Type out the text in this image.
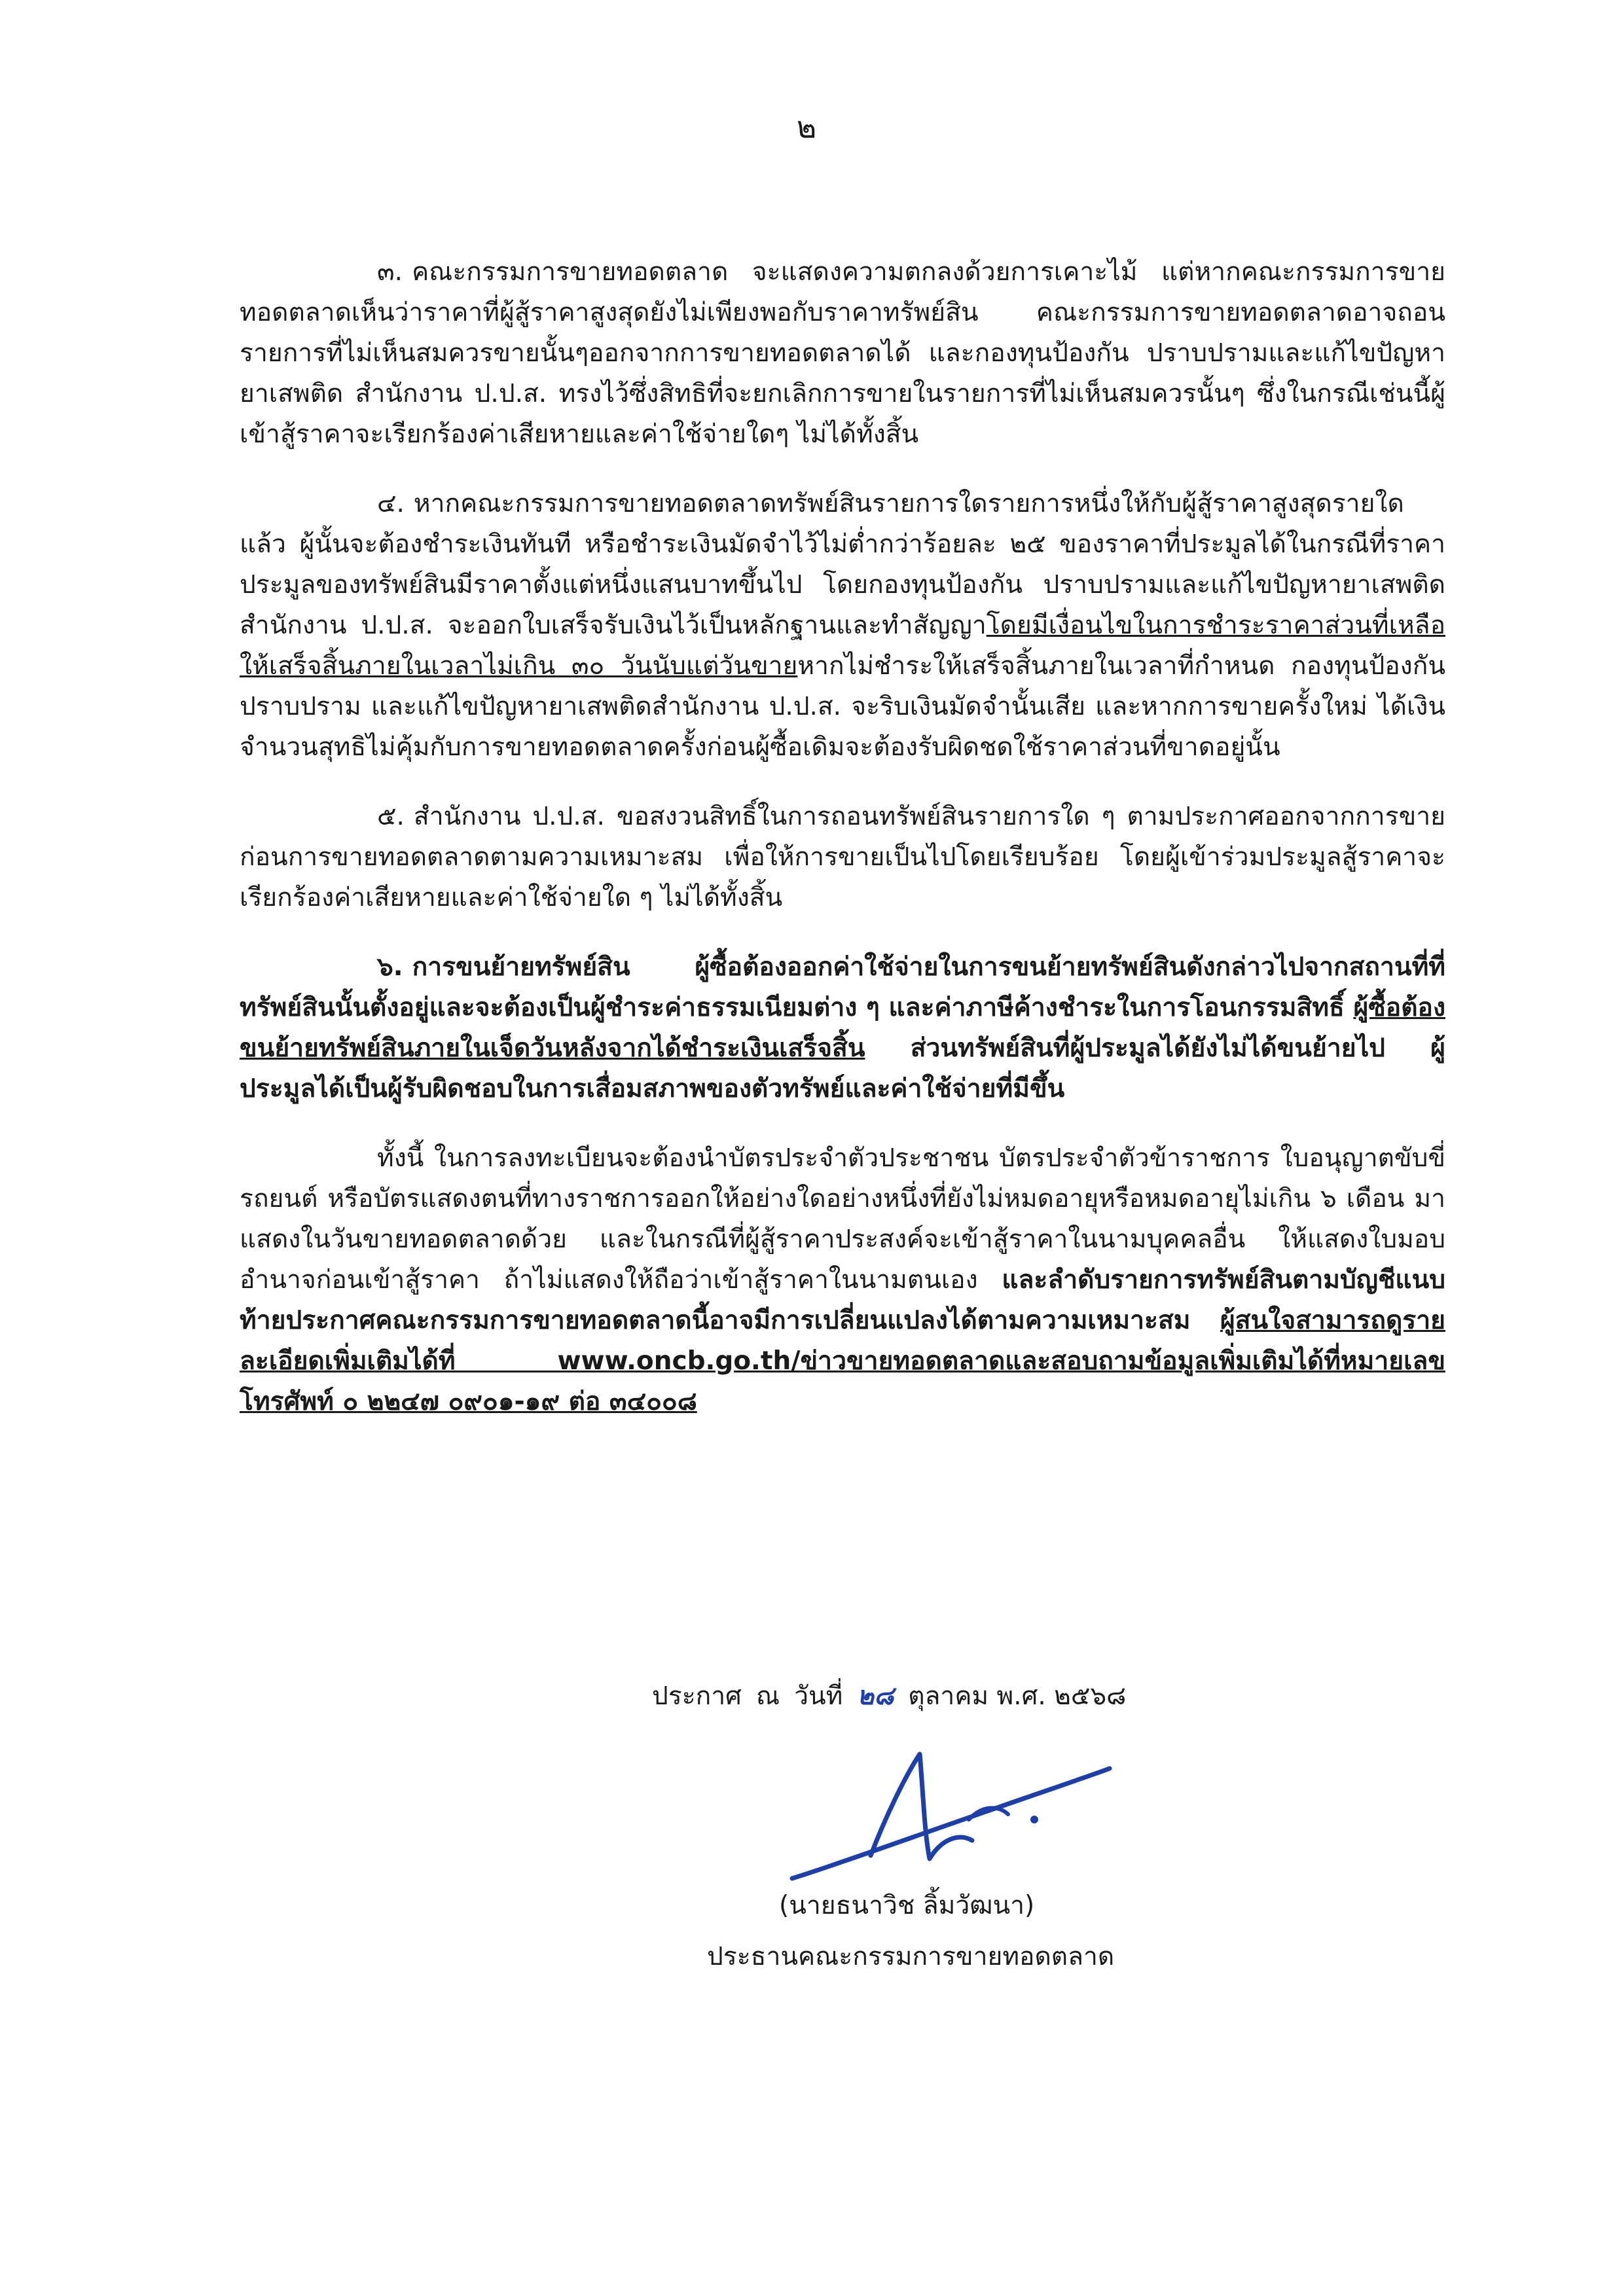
๒

๓. คณะกรรมการขายทอดตลาด จะแสดงความตกลงด้วยการเคาะไม้ แต่หากคณะกรรมการขายทอดตลาดเห็นว่าราคาที่ผู้สู้ราคาสูงสุดยังไม่เพียงพอกับราคาทรัพย์สิน คณะกรรมการขายทอดตลาดอาจถอนรายการที่ไม่เห็นสมควรขายนั้นๆออกจากการขายทอดตลาดได้ และกองทุนป้องกัน ปราบปรามและแก้ไขปัญหายาเสพติด สำนักงาน ป.ป.ส. ทรงไว้ซึ่งสิทธิที่จะยกเลิกการขายในรายการที่ไม่เห็นสมควรนั้นๆ ซึ่งในกรณีเช่นนี้ผู้เข้าสู้ราคาจะเรียกร้องค่าเสียหายและค่าใช้จ่ายใดๆ ไม่ได้ทั้งสิ้น

๔. หากคณะกรรมการขายทอดตลาดทรัพย์สินรายการใดรายการหนึ่งให้กับผู้สู้ราคาสูงสุดรายใดแล้ว ผู้นั้นจะต้องชำระเงินทันที หรือชำระเงินมัดจำไว้ไม่ต่ำกว่าร้อยละ ๒๕ ของราคาที่ประมูลได้ในกรณีที่ราคาประมูลของทรัพย์สินมีราคาตั้งแต่หนึ่งแสนบาทขึ้นไป โดยกองทุนป้องกัน ปราบปรามและแก้ไขปัญหายาเสพติด สำนักงาน ป.ป.ส. จะออกใบเสร็จรับเงินไว้เป็นหลักฐานและทำสัญญาโดยมีเงื่อนไขในการชำระราคาส่วนที่เหลือให้เสร็จสิ้นภายในเวลาไม่เกิน ๓๐ วันนับแต่วันขายหากไม่ชำระให้เสร็จสิ้นภายในเวลาที่กำหนด กองทุนป้องกัน ปราบปราม และแก้ไขปัญหายาเสพติดสำนักงาน ป.ป.ส. จะริบเงินมัดจำนั้นเสีย และหากการขายครั้งใหม่ ได้เงินจำนวนสุทธิไม่คุ้มกับการขายทอดตลาดครั้งก่อนผู้ซื้อเดิมจะต้องรับผิดชดใช้ราคาส่วนที่ขาดอยู่นั้น

๕. สำนักงาน ป.ป.ส. ขอสงวนสิทธิ์ในการถอนทรัพย์สินรายการใด ๆ ตามประกาศออกจากการขายก่อนการขายทอดตลาดตามความเหมาะสม เพื่อให้การขายเป็นไปโดยเรียบร้อย โดยผู้เข้าร่วมประมูลสู้ราคาจะเรียกร้องค่าเสียหายและค่าใช้จ่ายใด ๆ ไม่ได้ทั้งสิ้น

๖. การขนย้ายทรัพย์สิน ผู้ซื้อต้องออกค่าใช้จ่ายในการขนย้ายทรัพย์สินดังกล่าวไปจากสถานที่ที่ทรัพย์สินนั้นตั้งอยู่และจะต้องเป็นผู้ชำระค่าธรรมเนียมต่าง ๆ และค่าภาษีค้างชำระในการโอนกรรมสิทธิ์ ผู้ซื้อต้องขนย้ายทรัพย์สินภายในเจ็ดวันหลังจากได้ชำระเงินเสร็จสิ้น ส่วนทรัพย์สินที่ผู้ประมูลได้ยังไม่ได้ขนย้ายไป ผู้ประมูลได้เป็นผู้รับผิดชอบในการเสื่อมสภาพของตัวทรัพย์และค่าใช้จ่ายที่มีขึ้น

ทั้งนี้ ในการลงทะเบียนจะต้องนำบัตรประจำตัวประชาชน บัตรประจำตัวข้าราชการ ใบอนุญาตขับขี่รถยนต์ หรือบัตรแสดงตนที่ทางราชการออกให้อย่างใดอย่างหนึ่งที่ยังไม่หมดอายุหรือหมดอายุไม่เกิน ๖ เดือน มาแสดงในวันขายทอดตลาดด้วย และในกรณีที่ผู้สู้ราคาประสงค์จะเข้าสู้ราคาในนามบุคคลอื่น ให้แสดงใบมอบอำนาจก่อนเข้าสู้ราคา ถ้าไม่แสดงให้ถือว่าเข้าสู้ราคาในนามตนเอง และลำดับรายการทรัพย์สินตามบัญชีแนบท้ายประกาศคณะกรรมการขายทอดตลาดนี้อาจมีการเปลี่ยนแปลงได้ตามความเหมาะสม ผู้สนใจสามารถดูรายละเอียดเพิ่มเติมได้ที่ www.oncb.go.th/ข่าวขายทอดตลาดและสอบถามข้อมูลเพิ่มเติมได้ที่หมายเลขโทรศัพท์ ๐ ๒๒๔๗ ๐๙๐๑-๑๙ ต่อ ๓๔๐๐๘

ประกาศ ณ วันที่ ๒๘ ตุลาคม พ.ศ. ๒๕๖๘
(นายธนาวิช ลิ้มวัฒนา)
ประธานคณะกรรมการขายทอดตลาด
